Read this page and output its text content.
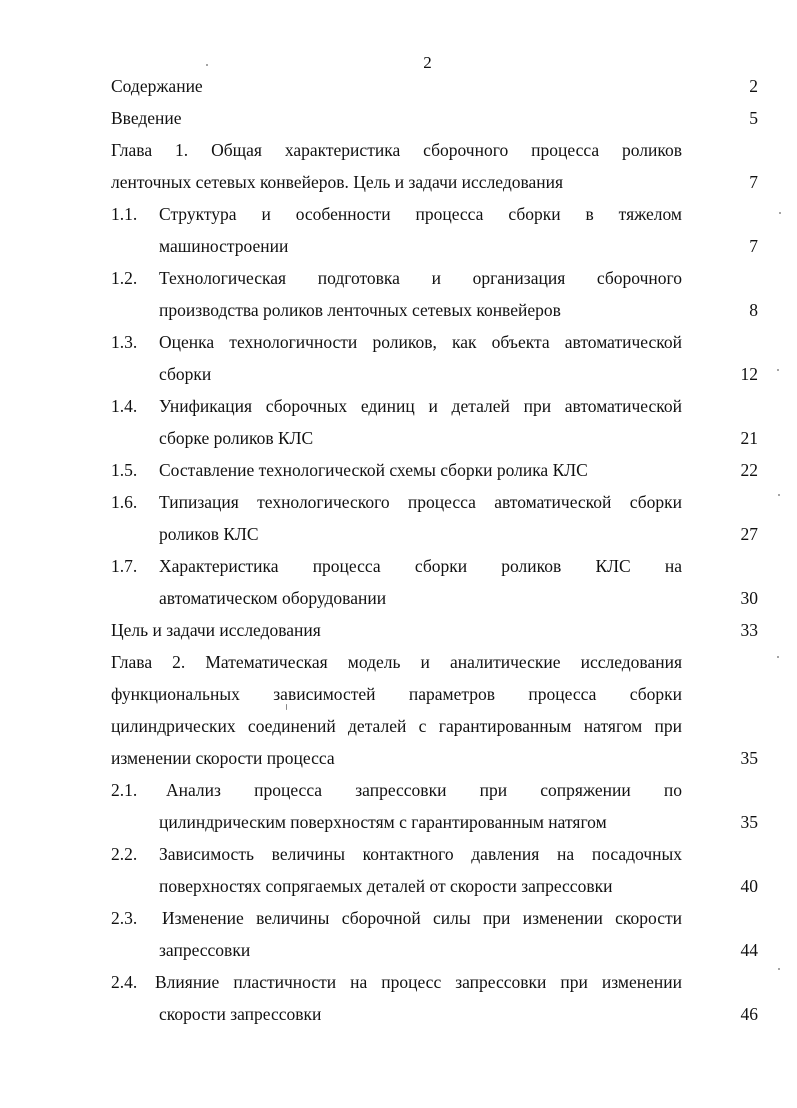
2
Содержание	2
Введение	5
Глава 1. Общая характеристика сборочного процесса роликов
ленточных сетевых конвейеров. Цель и задачи исследования	7
1.1. Структура и особенности процесса сборки в тяжелом
машиностроении	7
1.2. Технологическая подготовка и организация сборочного
производства роликов ленточных сетевых конвейеров	8
1.3. Оценка технологичности роликов, как объекта автоматической
сборки	12
1.4. Унификация сборочных единиц и деталей при автоматической
сборке роликов КЛС	21
1.5. Составление технологической схемы сборки ролика КЛС	22
1.6. Типизация технологического процесса автоматической сборки
роликов КЛС	27
1.7. Характеристика процесса сборки роликов КЛС на
автоматическом оборудовании	30
Цель и задачи исследования	33
Глава 2. Математическая модель и аналитические исследования
функциональных зависимостей параметров процесса сборки
цилиндрических соединений деталей с гарантированным натягом при
изменении скорости процесса	35
2.1. Анализ процесса запрессовки при сопряжении по
цилиндрическим поверхностям с гарантированным натягом	35
2.2. Зависимость величины контактного давления на посадочных
поверхностях сопрягаемых деталей от скорости запрессовки	40
2.3. Изменение величины сборочной силы при изменении скорости
запрессовки	44
2.4. Влияние пластичности на процесс запрессовки при изменении
скорости запрессовки	46
